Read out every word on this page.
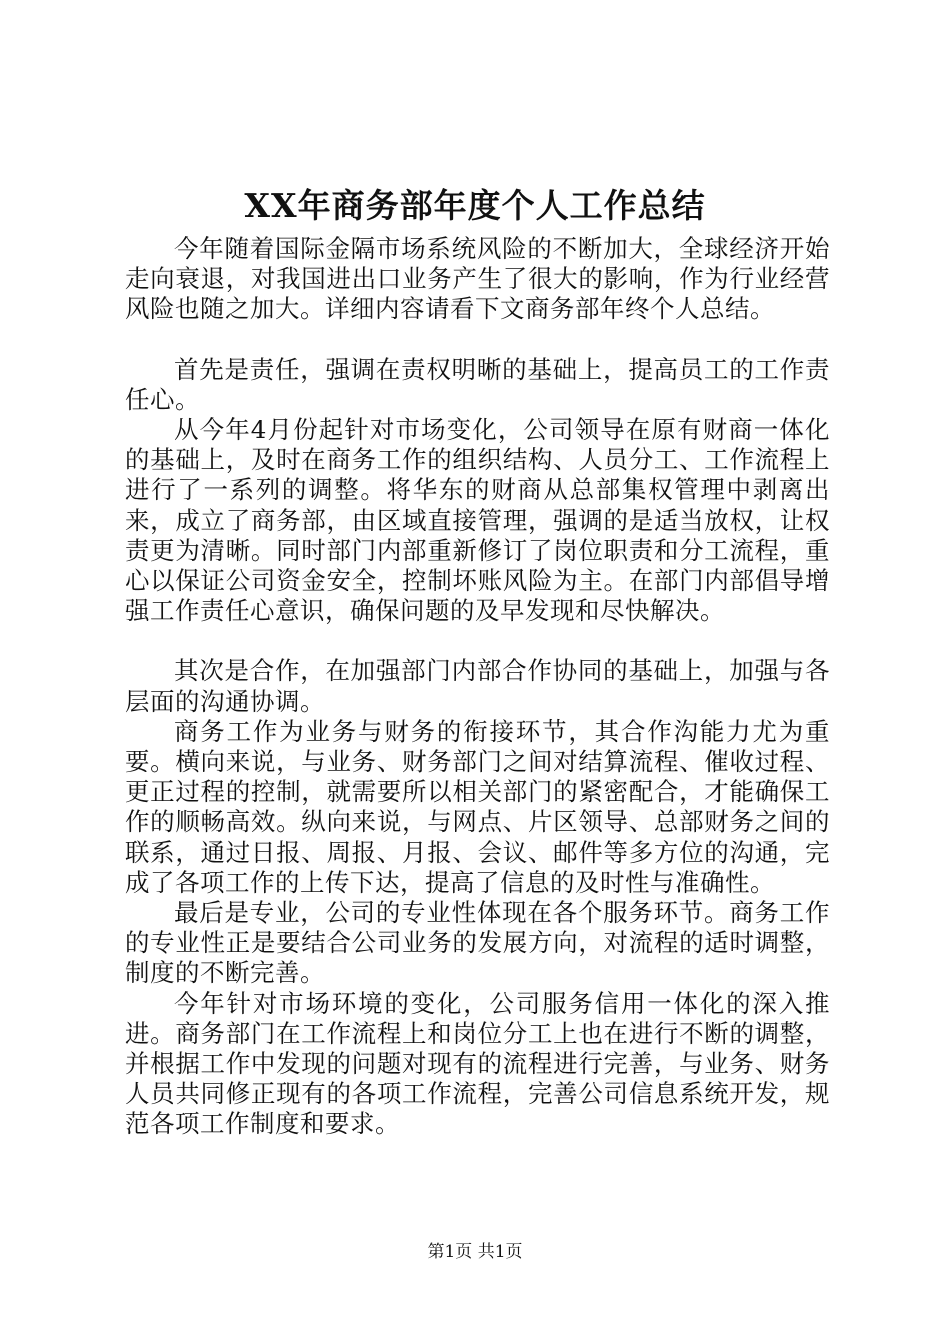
XX年商务部年度个人工作总结

今年随着国际金隔市场系统风险的不断加大，全球经济开始走向衰退，对我国进出口业务产生了很大的影响，作为行业经营风险也随之加大。详细内容请看下文商务部年终个人总结。

首先是责任，强调在责权明晰的基础上，提高员工的工作责任心。

从今年4月份起针对市场变化，公司领导在原有财商一体化的基础上，及时在商务工作的组织结构、人员分工、工作流程上进行了一系列的调整。将华东的财商从总部集权管理中剥离出来，成立了商务部，由区域直接管理，强调的是适当放权，让权责更为清晰。同时部门内部重新修订了岗位职责和分工流程，重心以保证公司资金安全，控制坏账风险为主。在部门内部倡导增强工作责任心意识，确保问题的及早发现和尽快解决。

其次是合作，在加强部门内部合作协同的基础上，加强与各层面的沟通协调。

商务工作为业务与财务的衔接环节，其合作沟能力尤为重要。横向来说，与业务、财务部门之间对结算流程、催收过程、更正过程的控制，就需要所以相关部门的紧密配合，才能确保工作的顺畅高效。纵向来说，与网点、片区领导、总部财务之间的联系，通过日报、周报、月报、会议、邮件等多方位的沟通，完成了各项工作的上传下达，提高了信息的及时性与准确性。

最后是专业，公司的专业性体现在各个服务环节。商务工作的专业性正是要结合公司业务的发展方向，对流程的适时调整，制度的不断完善。

今年针对市场环境的变化，公司服务信用一体化的深入推进。商务部门在工作流程上和岗位分工上也在进行不断的调整，并根据工作中发现的问题对现有的流程进行完善，与业务、财务人员共同修正现有的各项工作流程，完善公司信息系统开发，规范各项工作制度和要求。

第1页 共1页
